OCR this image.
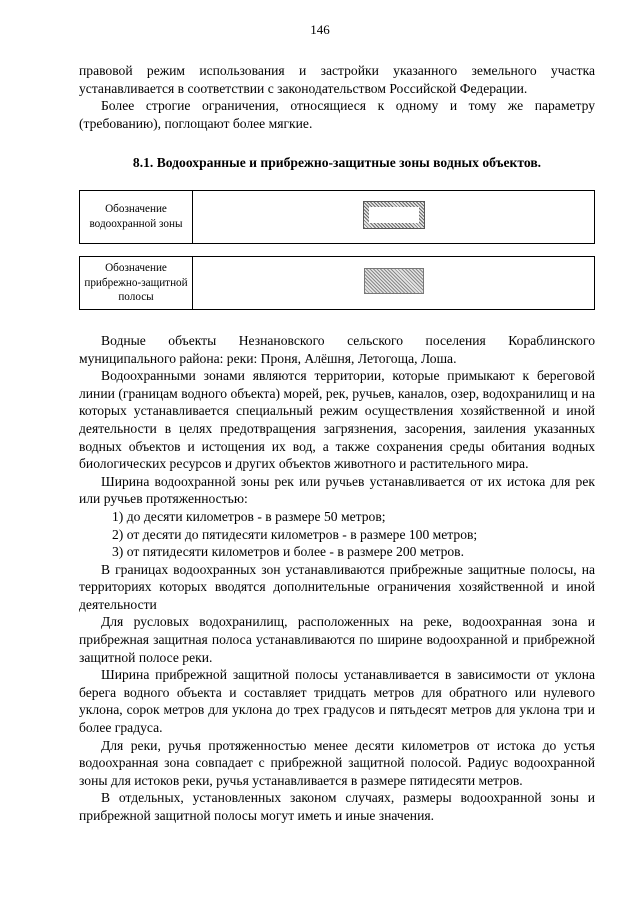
146

правовой режим использования и застройки указанного земельного участка устанавливается в соответствии с законодательством Российской Федерации.

Более строгие ограничения, относящиеся к одному и тому же параметру (требованию), поглощают более мягкие.

8.1. Водоохранные и прибрежно-защитные зоны водных объектов.

Обозначение водоохранной зоны	
Обозначение прибрежно-защитной полосы	

Водные объекты Незнановского сельского поселения Кораблинского муниципального района: реки: Проня, Алёшня, Летогоща, Лоша.

Водоохранными зонами являются территории, которые примыкают к береговой линии (границам водного объекта) морей, рек, ручьев, каналов, озер, водохранилищ и на которых устанавливается специальный режим осуществления хозяйственной и иной деятельности в целях предотвращения загрязнения, засорения, заиления указанных водных объектов и истощения их вод, а также сохранения среды обитания водных биологических ресурсов и других объектов животного и растительного мира.

Ширина водоохранной зоны рек или ручьев устанавливается от их истока для рек или ручьев протяженностью:

1) до десяти километров - в размере 50 метров;

2) от десяти до пятидесяти километров - в размере 100 метров;

3) от пятидесяти километров и более - в размере 200 метров.

В границах водоохранных зон устанавливаются прибрежные защитные полосы, на территориях которых вводятся дополнительные ограничения хозяйственной и иной деятельности

Для русловых водохранилищ, расположенных на реке, водоохранная зона и прибрежная защитная полоса устанавливаются по ширине водоохранной и прибрежной защитной полосе реки.

Ширина прибрежной защитной полосы устанавливается в зависимости от уклона берега водного объекта и составляет тридцать метров для обратного или нулевого уклона, сорок метров для уклона до трех градусов и пятьдесят метров для уклона три и более градуса.

Для реки, ручья протяженностью менее десяти километров от истока до устья водоохранная зона совпадает с прибрежной защитной полосой. Радиус водоохранной зоны для истоков реки, ручья устанавливается в размере пятидесяти метров.

В отдельных, установленных законом случаях, размеры водоохранной зоны и прибрежной защитной полосы могут иметь и иные значения.
